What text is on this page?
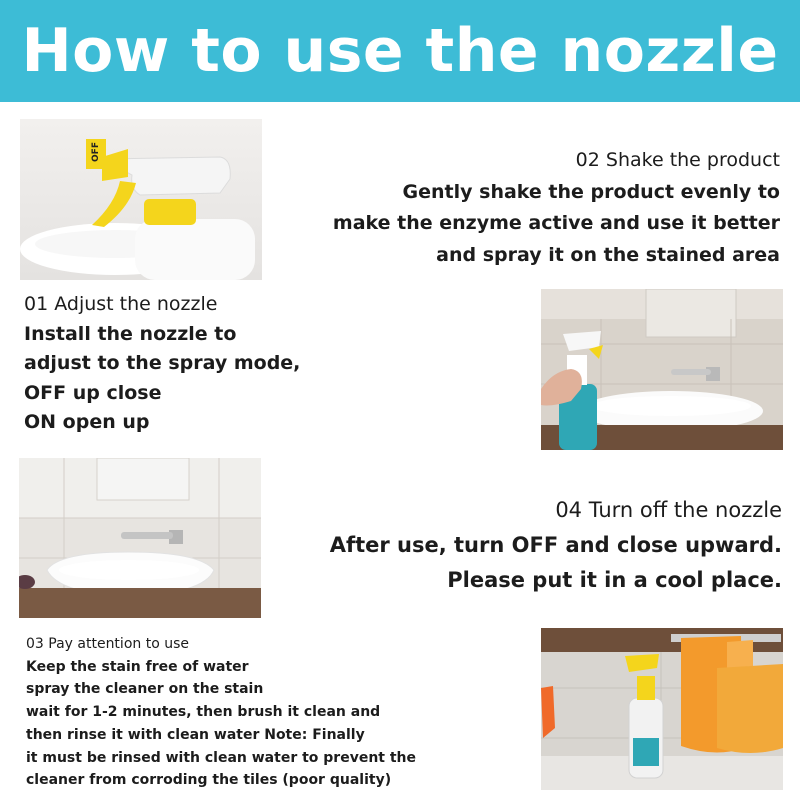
How to use the nozzle
OFF	02 Shake the product
Gently shake the product evenly to
make the enzyme active and use it better
and spray it on the stained area
01 Adjust the nozzle
Install the nozzle to
adjust to the spray mode,
OFF up close
ON open up
04 Turn off the nozzle
After use, turn OFF and close upward.
Please put it in a cool place.
03 Pay attention to use
Keep the stain free of water
spray the cleaner on the stain
wait for 1-2 minutes, then brush it clean and
then rinse it with clean water Note: Finally
it must be rinsed with clean water to prevent the
cleaner from corroding the tiles (poor quality)
